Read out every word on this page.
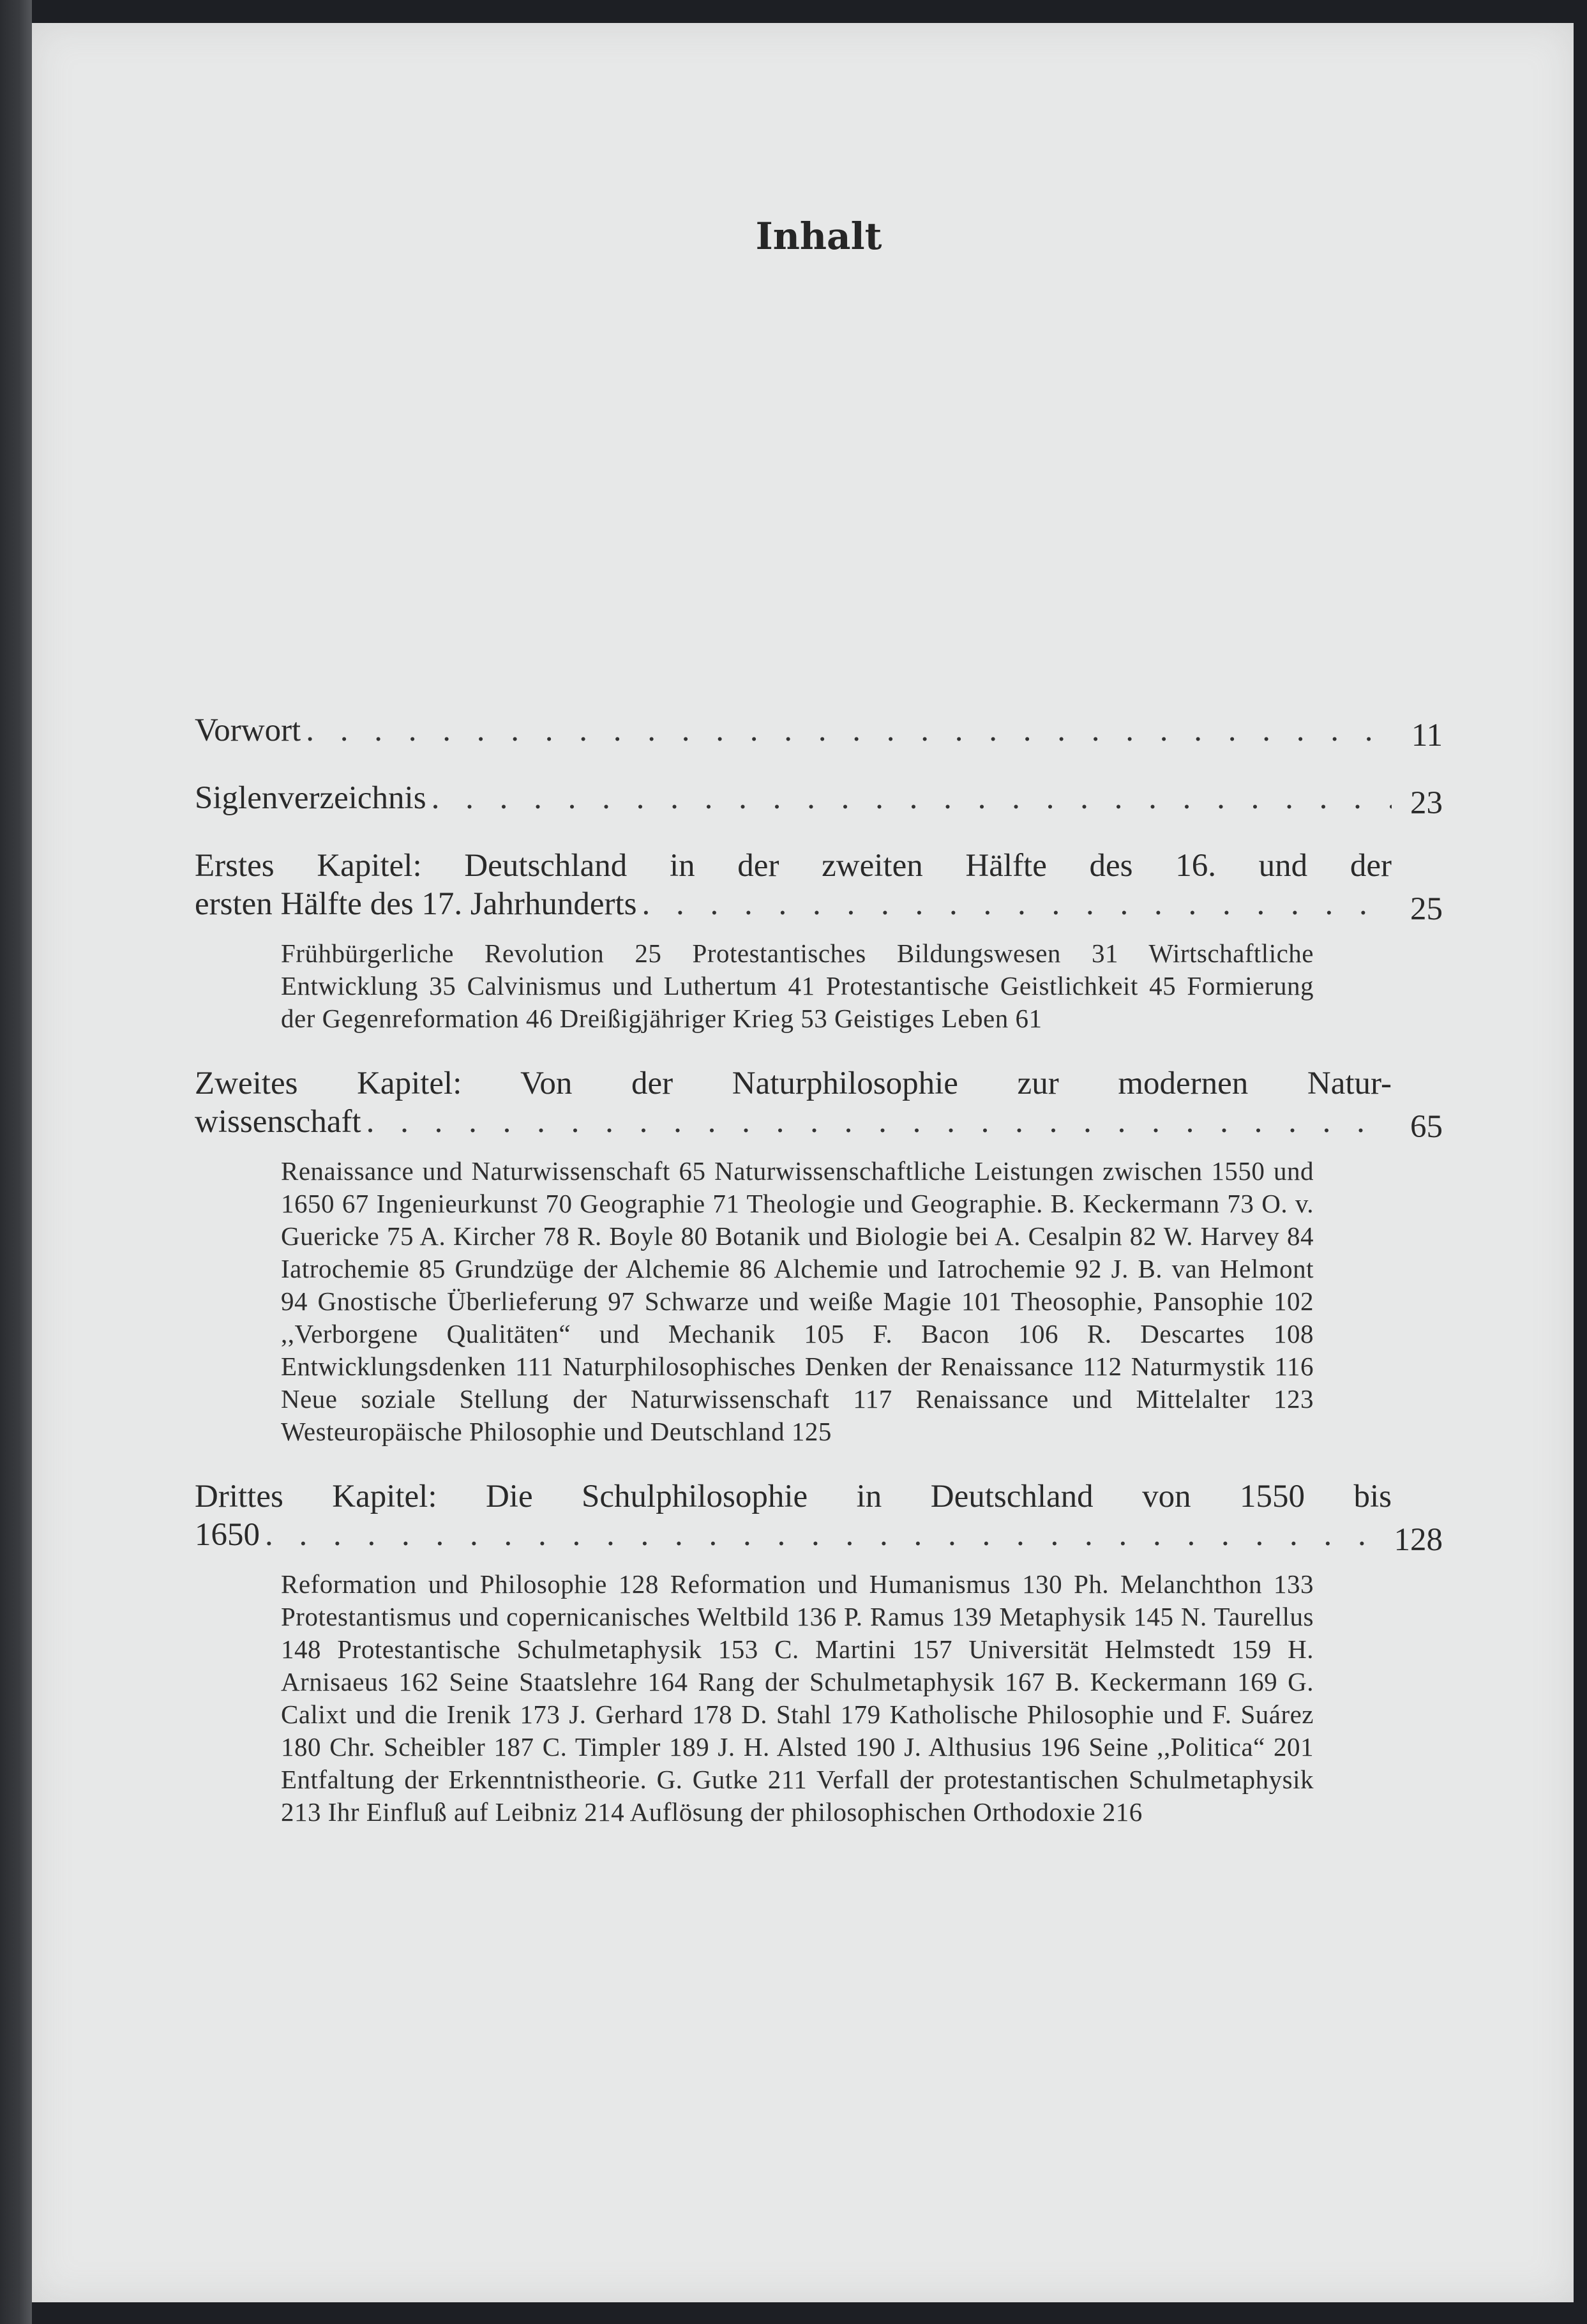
Inhalt
Vorwort . . .	11
Siglenverzeichnis . . .	23
Erstes Kapitel: Deutschland in der zweiten Hälfte des 16. und der
ersten Hälfte des 17. Jahrhunderts . . .	25
Frühbürgerliche Revolution 25 Protestantisches Bildungswesen 31 Wirtschaftliche Entwicklung 35 Calvinismus und Luthertum 41 Protestantische Geistlichkeit 45 Formierung der Gegenreformation 46 Dreißigjähriger Krieg 53 Geistiges Leben 61
Zweites Kapitel: Von der Naturphilosophie zur modernen Natur-
wissenschaft . . .	65
Renaissance und Naturwissenschaft 65 Naturwissenschaftliche Leistungen zwischen 1550 und 1650 67 Ingenieurkunst 70 Geographie 71 Theologie und Geographie. B. Keckermann 73 O. v. Guericke 75 A. Kircher 78 R. Boyle 80 Botanik und Biologie bei A. Cesalpin 82 W. Harvey 84 Iatrochemie 85 Grundzüge der Alchemie 86 Alchemie und Iatrochemie 92 J. B. van Helmont 94 Gnostische Überlieferung 97 Schwarze und weiße Magie 101 Theosophie, Pansophie 102 ,,Verborgene Qualitäten“ und Mechanik 105 F. Bacon 106 R. Descartes 108 Entwicklungsdenken 111 Naturphilosophisches Denken der Renaissance 112 Naturmystik 116 Neue soziale Stellung der Naturwissenschaft 117 Renaissance und Mittelalter 123 Westeuropäische Philosophie und Deutschland 125
Drittes Kapitel: Die Schulphilosophie in Deutschland von 1550 bis
1650 . . .	128
Reformation und Philosophie 128 Reformation und Humanismus 130 Ph. Melanchthon 133 Protestantismus und copernicanisches Weltbild 136 P. Ramus 139 Metaphysik 145 N. Taurellus 148 Protestantische Schulmetaphysik 153 C. Martini 157 Universität Helmstedt 159 H. Arnisaeus 162 Seine Staatslehre 164 Rang der Schulmetaphysik 167 B. Keckermann 169 G. Calixt und die Irenik 173 J. Gerhard 178 D. Stahl 179 Katholische Philosophie und F. Suárez 180 Chr. Scheibler 187 C. Timpler 189 J. H. Alsted 190 J. Althusius 196 Seine ,,Politica“ 201 Entfaltung der Erkenntnistheorie. G. Gutke 211 Verfall der protestantischen Schulmetaphysik 213 Ihr Einfluß auf Leibniz 214 Auflösung der philosophischen Orthodoxie 216
